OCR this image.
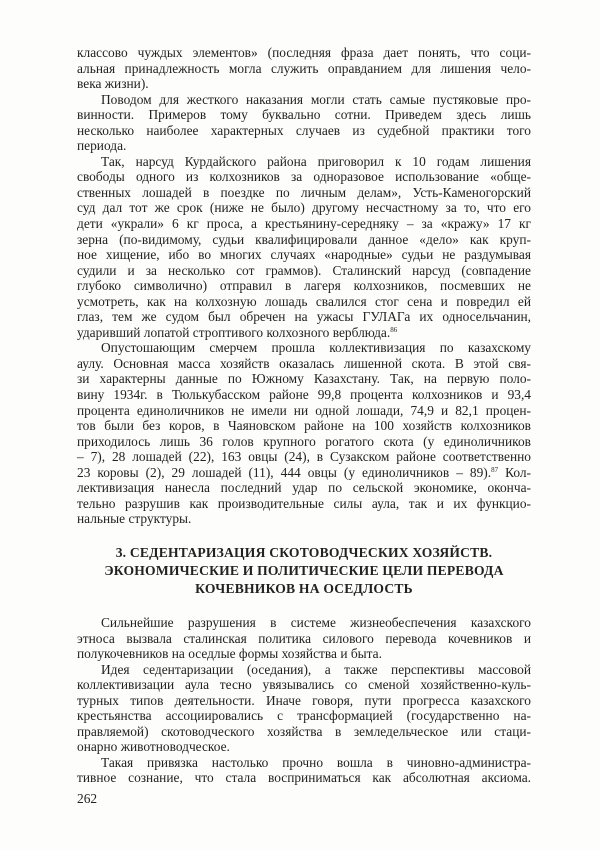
классово чуждых элементов» (последняя фраза дает понять, что соци-
альная принадлежность могла служить оправданием для лишения чело-
века жизни).
Поводом для жесткого наказания могли стать самые пустяковые про-
винности. Примеров тому буквально сотни. Приведем здесь лишь
несколько наиболее характерных случаев из судебной практики того
периода.
Так, нарсуд Курдайского района приговорил к 10 годам лишения
свободы одного из колхозников за одноразовое использование «обще-
ственных лошадей в поездке по личным делам», Усть-Каменогорский
суд дал тот же срок (ниже не было) другому несчастному за то, что его
дети «украли» 6 кг проса, а крестьянину-середняку – за «кражу» 17 кг
зерна (по-видимому, судьи квалифицировали данное «дело» как круп-
ное хищение, ибо во многих случаях «народные» судьи не раздумывая
судили и за несколько сот граммов). Сталинский нарсуд (совпадение
глубоко символично) отправил в лагеря колхозников, посмевших не
усмотреть, как на колхозную лошадь свалился стог сена и повредил ей
глаз, тем же судом был обречен на ужасы ГУЛАГа их односельчанин,
ударивший лопатой строптивого колхозного верблюда.$^{86}$
Опустошающим смерчем прошла коллективизация по казахскому
аулу. Основная масса хозяйств оказалась лишенной скота. В этой свя-
зи характерны данные по Южному Казахстану. Так, на первую поло-
вину 1934г. в Тюлькубасском районе 99,8 процента колхозников и 93,4
процента единоличников не имели ни одной лошади, 74,9 и 82,1 процен-
тов были без коров, в Чаяновском районе на 100 хозяйств колхозников
приходилось лишь 36 голов крупного рогатого скота (у единоличников
– 7), 28 лошадей (22), 163 овцы (24), в Сузакском районе соответственно
23 коровы (2), 29 лошадей (11), 444 овцы (у единоличников – 89).$^{87}$ Кол-
лективизация нанесла последний удар по сельской экономике, оконча-
тельно разрушив как производительные силы аула, так и их функцио-
нальные структуры.
3. СЕДЕНТАРИЗАЦИЯ СКОТОВОДЧЕСКИХ ХОЗЯЙСТВ.
ЭКОНОМИЧЕСКИЕ И ПОЛИТИЧЕСКИЕ ЦЕЛИ ПЕРЕВОДА
КОЧЕВНИКОВ НА ОСЕДЛОСТЬ
Сильнейшие разрушения в системе жизнеобеспечения казахского
этноса вызвала сталинская политика силового перевода кочевников и
полукочевников на оседлые формы хозяйства и быта.
Идея седентаризации (оседания), а также перспективы массовой
коллективизации аула тесно увязывались со сменой хозяйственно-куль-
турных типов деятельности. Иначе говоря, пути прогресса казахского
крестьянства ассоциировались с трансформацией (государственно на-
правляемой) скотоводческого хозяйства в земледельческое или стаци-
онарно животноводческое.
Такая привязка настолько прочно вошла в чиновно-администра-
тивное сознание, что стала восприниматься как абсолютная аксиома.
262
